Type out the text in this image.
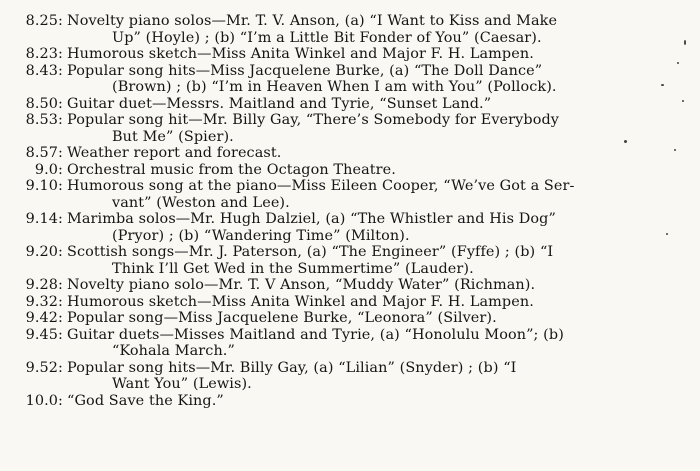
8.25: Novelty piano solos—Mr. T. V. Anson, (a) “I Want to Kiss and Make
Up” (Hoyle) ; (b) “I’m a Little Bit Fonder of You” (Caesar).
8.23: Humorous sketch—Miss Anita Winkel and Major F. H. Lampen.
8.43: Popular song hits—Miss Jacquelene Burke, (a) “The Doll Dance”
(Brown) ; (b) “I’m in Heaven When I am with You” (Pollock).
8.50: Guitar duet—Messrs. Maitland and Tyrie, “Sunset Land.”
8.53: Popular song hit—Mr. Billy Gay, “There’s Somebody for Everybody
But Me” (Spier).
8.57: Weather report and forecast.
9.0: Orchestral music from the Octagon Theatre.
9.10: Humorous song at the piano—Miss Eileen Cooper, “We’ve Got a Ser-
vant” (Weston and Lee).
9.14: Marimba solos—Mr. Hugh Dalziel, (a) “The Whistler and His Dog”
(Pryor) ; (b) “Wandering Time” (Milton).
9.20: Scottish songs—Mr. J. Paterson, (a) “The Engineer” (Fyffe) ; (b) “I
Think I’ll Get Wed in the Summertime” (Lauder).
9.28: Novelty piano solo—Mr. T. V Anson, “Muddy Water” (Richman).
9.32: Humorous sketch—Miss Anita Winkel and Major F. H. Lampen.
9.42: Popular song—Miss Jacquelene Burke, “Leonora” (Silver).
9.45: Guitar duets—Misses Maitland and Tyrie, (a) “Honolulu Moon”; (b)
“Kohala March.”
9.52: Popular song hits—Mr. Billy Gay, (a) “Lilian” (Snyder) ; (b) “I
Want You” (Lewis).
10.0: “God Save the King.”
